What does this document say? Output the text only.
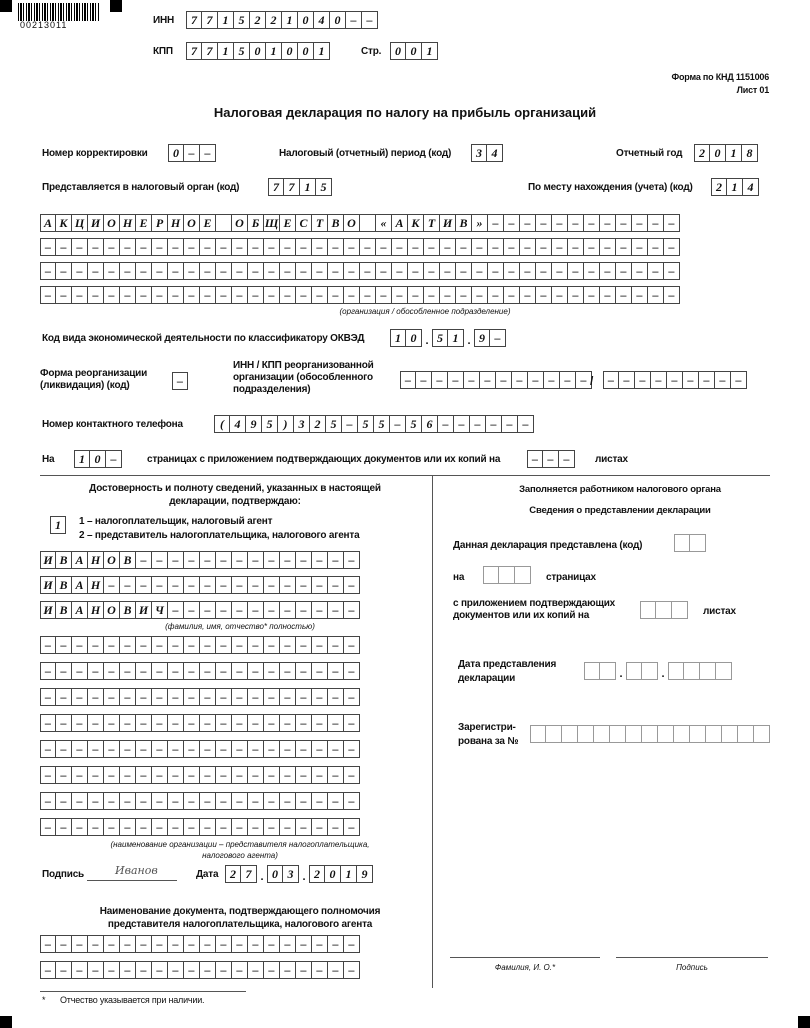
00213011	ИНН	7 7 1 5 2 2 1 0 4 0 – –
КПП	7 7 1 5 0 1 0 0 1	Стр.	0 0 1
Форма по КНД 1151006
Лист 01
Налоговая декларация по налогу на прибыль организаций
Номер корректировки	0 – –	Налоговый (отчетный) период (код)	3 4	Отчетный год	2 0 1 8
Представляется в налоговый орган (код)	7 7 1 5	По месту нахождения (учета) (код)	2 1 4
А К Ц И О Н Е Р Н О Е	О Б Щ Е С Т В О	« А К Т И В » – – – – – – – – – – – –
– – – – – – – – – – – – – – – – – – – – – – – – – – – – – – – – – – – – – – – –
– – – – – – – – – – – – – – – – – – – – – – – – – – – – – – – – – – – – – – – –
– – – – – – – – – – – – – – – – – – – – – – – – – – – – – – – – – – – – – – – –
(организация / обособленное подразделение)
Код вида экономической деятельности по классификатору ОКВЭД	1 0 . 5 1 . 9 –
Форма реорганизации (ликвидация) (код)	–
ИНН / КПП реорганизованной организации (обособленного подразделения)
– – – – – – – – – – – – /	– – – – – – – – –
Номер контактного телефона	( 4 9 5 ) 3 2 5 – 5 5 – 5 6 – – – – – –
На	1 0 –	страницах с приложением подтверждающих документов или их копий на	– – –	листах
Достоверность и полноту сведений, указанных в настоящей декларации, подтверждаю:
1	1 – налогоплательщик, налоговый агент
2 – представитель налогоплательщика, налогового агента
И В А Н О В – – – – – – – – – – – – – –
И В А Н – – – – – – – – – – – – – – – –
И В А Н О В И Ч – – – – – – – – – – – –
(фамилия, имя, отчество* полностью)
– – – – – – – – – – – – – – – – – – – –
– – – – – – – – – – – – – – – – – – – –
– – – – – – – – – – – – – – – – – – – –
– – – – – – – – – – – – – – – – – – – –
– – – – – – – – – – – – – – – – – – – –
– – – – – – – – – – – – – – – – – – – –
– – – – – – – – – – – – – – – – – – – –
– – – – – – – – – – – – – – – – – – – –
(наименование организации – представителя налогоплательщика,
налогового агента)
Подпись	Иванов	Дата 2 7 . 0 3 . 2 0 1 9
Наименование документа, подтверждающего полномочия
представителя налогоплательщика, налогового агента
– – – – – – – – – – – – – – – – – – – –
– – – – – – – – – – – – – – – – – – – –
* Отчество указывается при наличии.
Заполняется работником налогового органа
Сведения о представлении декларации
Данная декларация представлена (код)
на	страницах
с приложением подтверждающих документов или их копий на	листах
Дата представления декларации	.	.
Зарегистри-рована за №
Фамилия, И. О.*	Подпись
